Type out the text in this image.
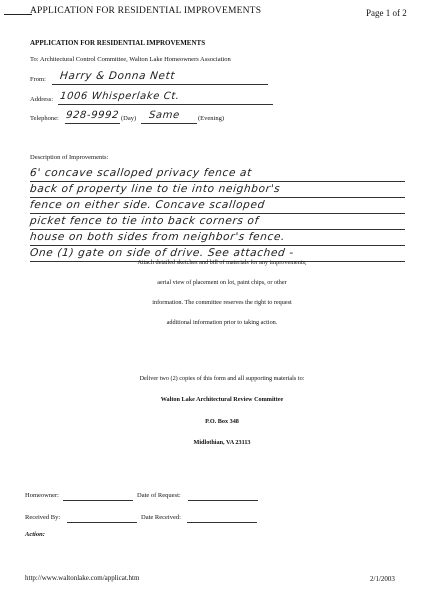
APPLICATION FOR RESIDENTIAL IMPROVEMENTS	Page 1 of 2
APPLICATION FOR RESIDENTIAL IMPROVEMENTS
To: Architectural Control Committee, Walton Lake Homeowners Association
From: Harry & Donna Nett
Address: 1006 Whisperlake Ct.
Telephone: 928-9992 (Day) Same	(Evening)
Description of Improvements:
6' concave scalloped privacy fence at
back of property line to tie into neighbor's
fence on either side. Concave scalloped
picket fence to tie into back corners of
house on both sides from neighbor's fence.
One (1) gate on side of drive. See attached -
Attach detailed sketches and bill of materials for any improvements,
aerial view of placement on lot, paint chips, or other
information. The committee reserves the right to request
additional information prior to taking action.
Deliver two (2) copies of this form and all supporting materials to:
Walton Lake Architectural Review Committee
P.O. Box 348
Midlothian, VA 23113
Homeowner:	Date of Request:
Received By:	Date Received:
Action:
http://www.waltonlake.com/applicat.htm	2/1/2003
